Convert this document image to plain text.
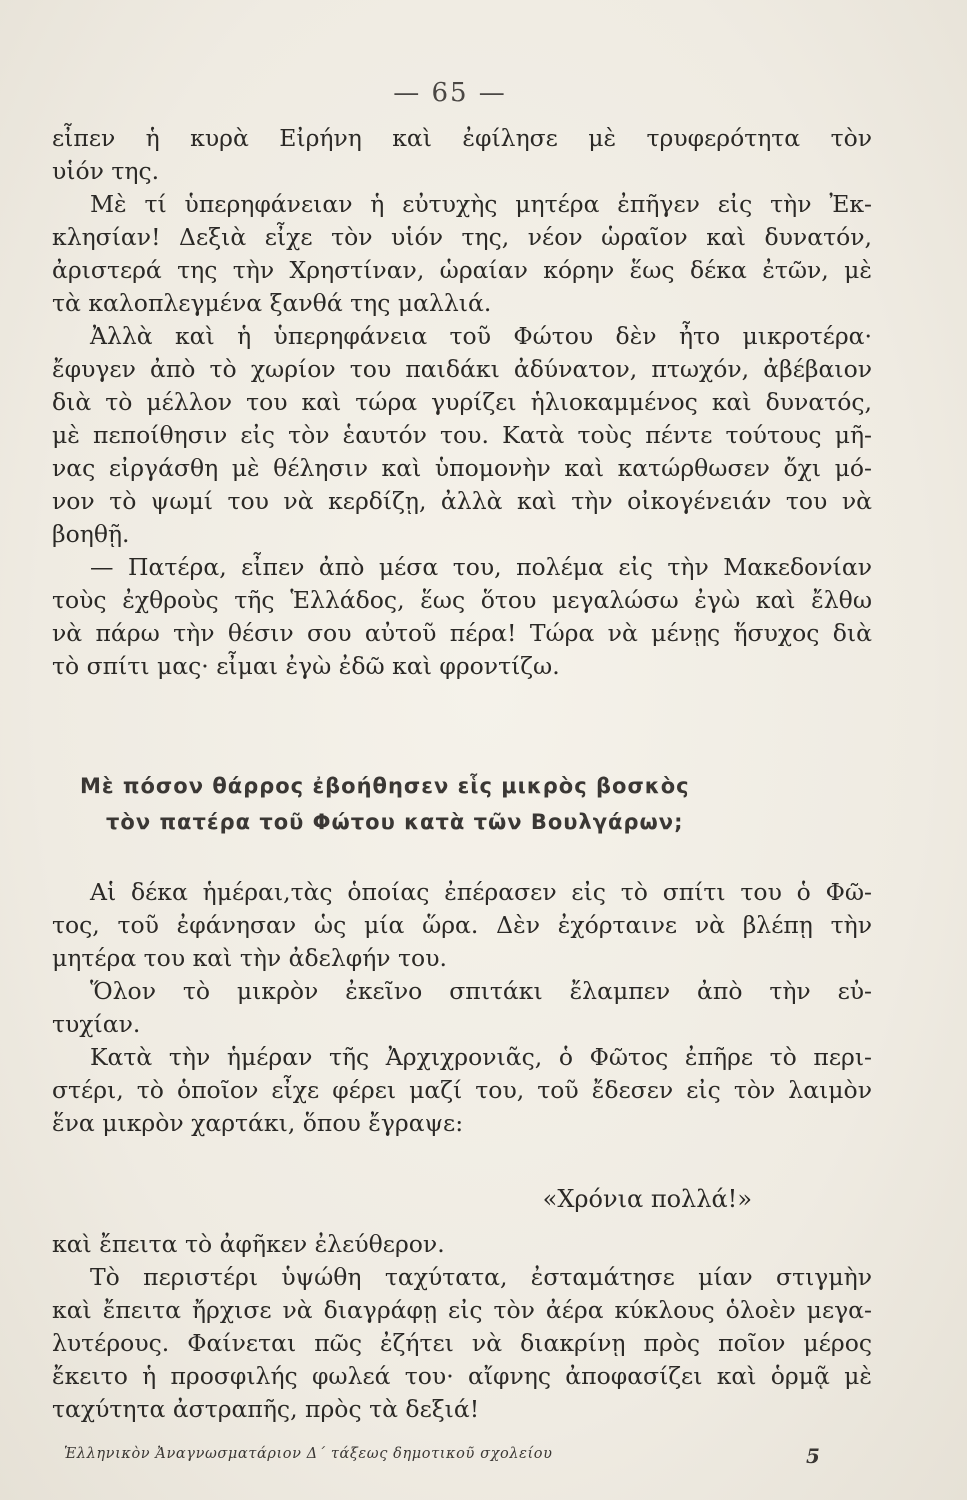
— 65 —
εἶπεν ἡ κυρὰ Εἰρήνη καὶ ἐφίλησε μὲ τρυφερότητα τὸν
υἱόν της.
Μὲ τί ὑπερηφάνειαν ἡ εὐτυχὴς μητέρα ἐπῆγεν εἰς τὴν Ἐκ-
κλησίαν! Δεξιὰ εἶχε τὸν υἱόν της, νέον ὡραῖον καὶ δυνατόν,
ἀριστερά της τὴν Χρηστίναν, ὡραίαν κόρην ἕως δέκα ἐτῶν, μὲ
τὰ καλοπλεγμένα ξανθά της μαλλιά.
Ἀλλὰ καὶ ἡ ὑπερηφάνεια τοῦ Φώτου δὲν ἦτο μικροτέρα·
ἔφυγεν ἀπὸ τὸ χωρίον του παιδάκι ἀδύνατον, πτωχόν, ἀβέβαιον
διὰ τὸ μέλλον του καὶ τώρα γυρίζει ἡλιοκαμμένος καὶ δυνατός,
μὲ πεποίθησιν εἰς τὸν ἑαυτόν του. Κατὰ τοὺς πέντε τούτους μῆ-
νας εἰργάσθη μὲ θέλησιν καὶ ὑπομονὴν καὶ κατώρθωσεν ὄχι μό-
νον τὸ ψωμί του νὰ κερδίζῃ, ἀλλὰ καὶ τὴν οἰκογένειάν του νὰ
βοηθῇ.
— Πατέρα, εἶπεν ἀπὸ μέσα του, πολέμα εἰς τὴν Μακεδονίαν
τοὺς ἐχθροὺς τῆς Ἑλλάδος, ἕως ὅτου μεγαλώσω ἐγὼ καὶ ἔλθω
νὰ πάρω τὴν θέσιν σου αὐτοῦ πέρα! Τώρα νὰ μένῃς ἥσυχος διὰ
τὸ σπίτι μας· εἶμαι ἐγὼ ἐδῶ καὶ φροντίζω.
Μὲ πόσον θάρρος ἐβοήθησεν εἷς μικρὸς βοσκὸς
τὸν πατέρα τοῦ Φώτου κατὰ τῶν Βουλγάρων;
Αἱ δέκα ἡμέραι,τὰς ὁποίας ἐπέρασεν εἰς τὸ σπίτι του ὁ Φῶ-
τος, τοῦ ἐφάνησαν ὡς μία ὥρα. Δὲν ἐχόρταινε νὰ βλέπῃ τὴν
μητέρα του καὶ τὴν ἀδελφήν του.
Ὅλον τὸ μικρὸν ἐκεῖνο σπιτάκι ἔλαμπεν ἀπὸ τὴν εὐ-
τυχίαν.
Κατὰ τὴν ἡμέραν τῆς Ἀρχιχρονιᾶς, ὁ Φῶτος ἐπῆρε τὸ περι-
στέρι, τὸ ὁποῖον εἶχε φέρει μαζί του, τοῦ ἔδεσεν εἰς τὸν λαιμὸν
ἕνα μικρὸν χαρτάκι, ὅπου ἔγραψε:
«Χρόνια πολλά!»
καὶ ἔπειτα τὸ ἀφῆκεν ἐλεύθερον.
Τὸ περιστέρι ὑψώθη ταχύτατα, ἐσταμάτησε μίαν στιγμὴν
καὶ ἔπειτα ἤρχισε νὰ διαγράφῃ εἰς τὸν ἀέρα κύκλους ὁλοὲν μεγα-
λυτέρους. Φαίνεται πῶς ἐζήτει νὰ διακρίνῃ πρὸς ποῖον μέρος
ἔκειτο ἡ προσφιλής φωλεά του· αἴφνης ἀποφασίζει καὶ ὁρμᾷ μὲ
ταχύτητα ἀστραπῆς, πρὸς τὰ δεξιά!
Ἑλληνικὸν Ἀναγνωσματάριον Δ΄ τάξεως δημοτικοῦ σχολείου	5
